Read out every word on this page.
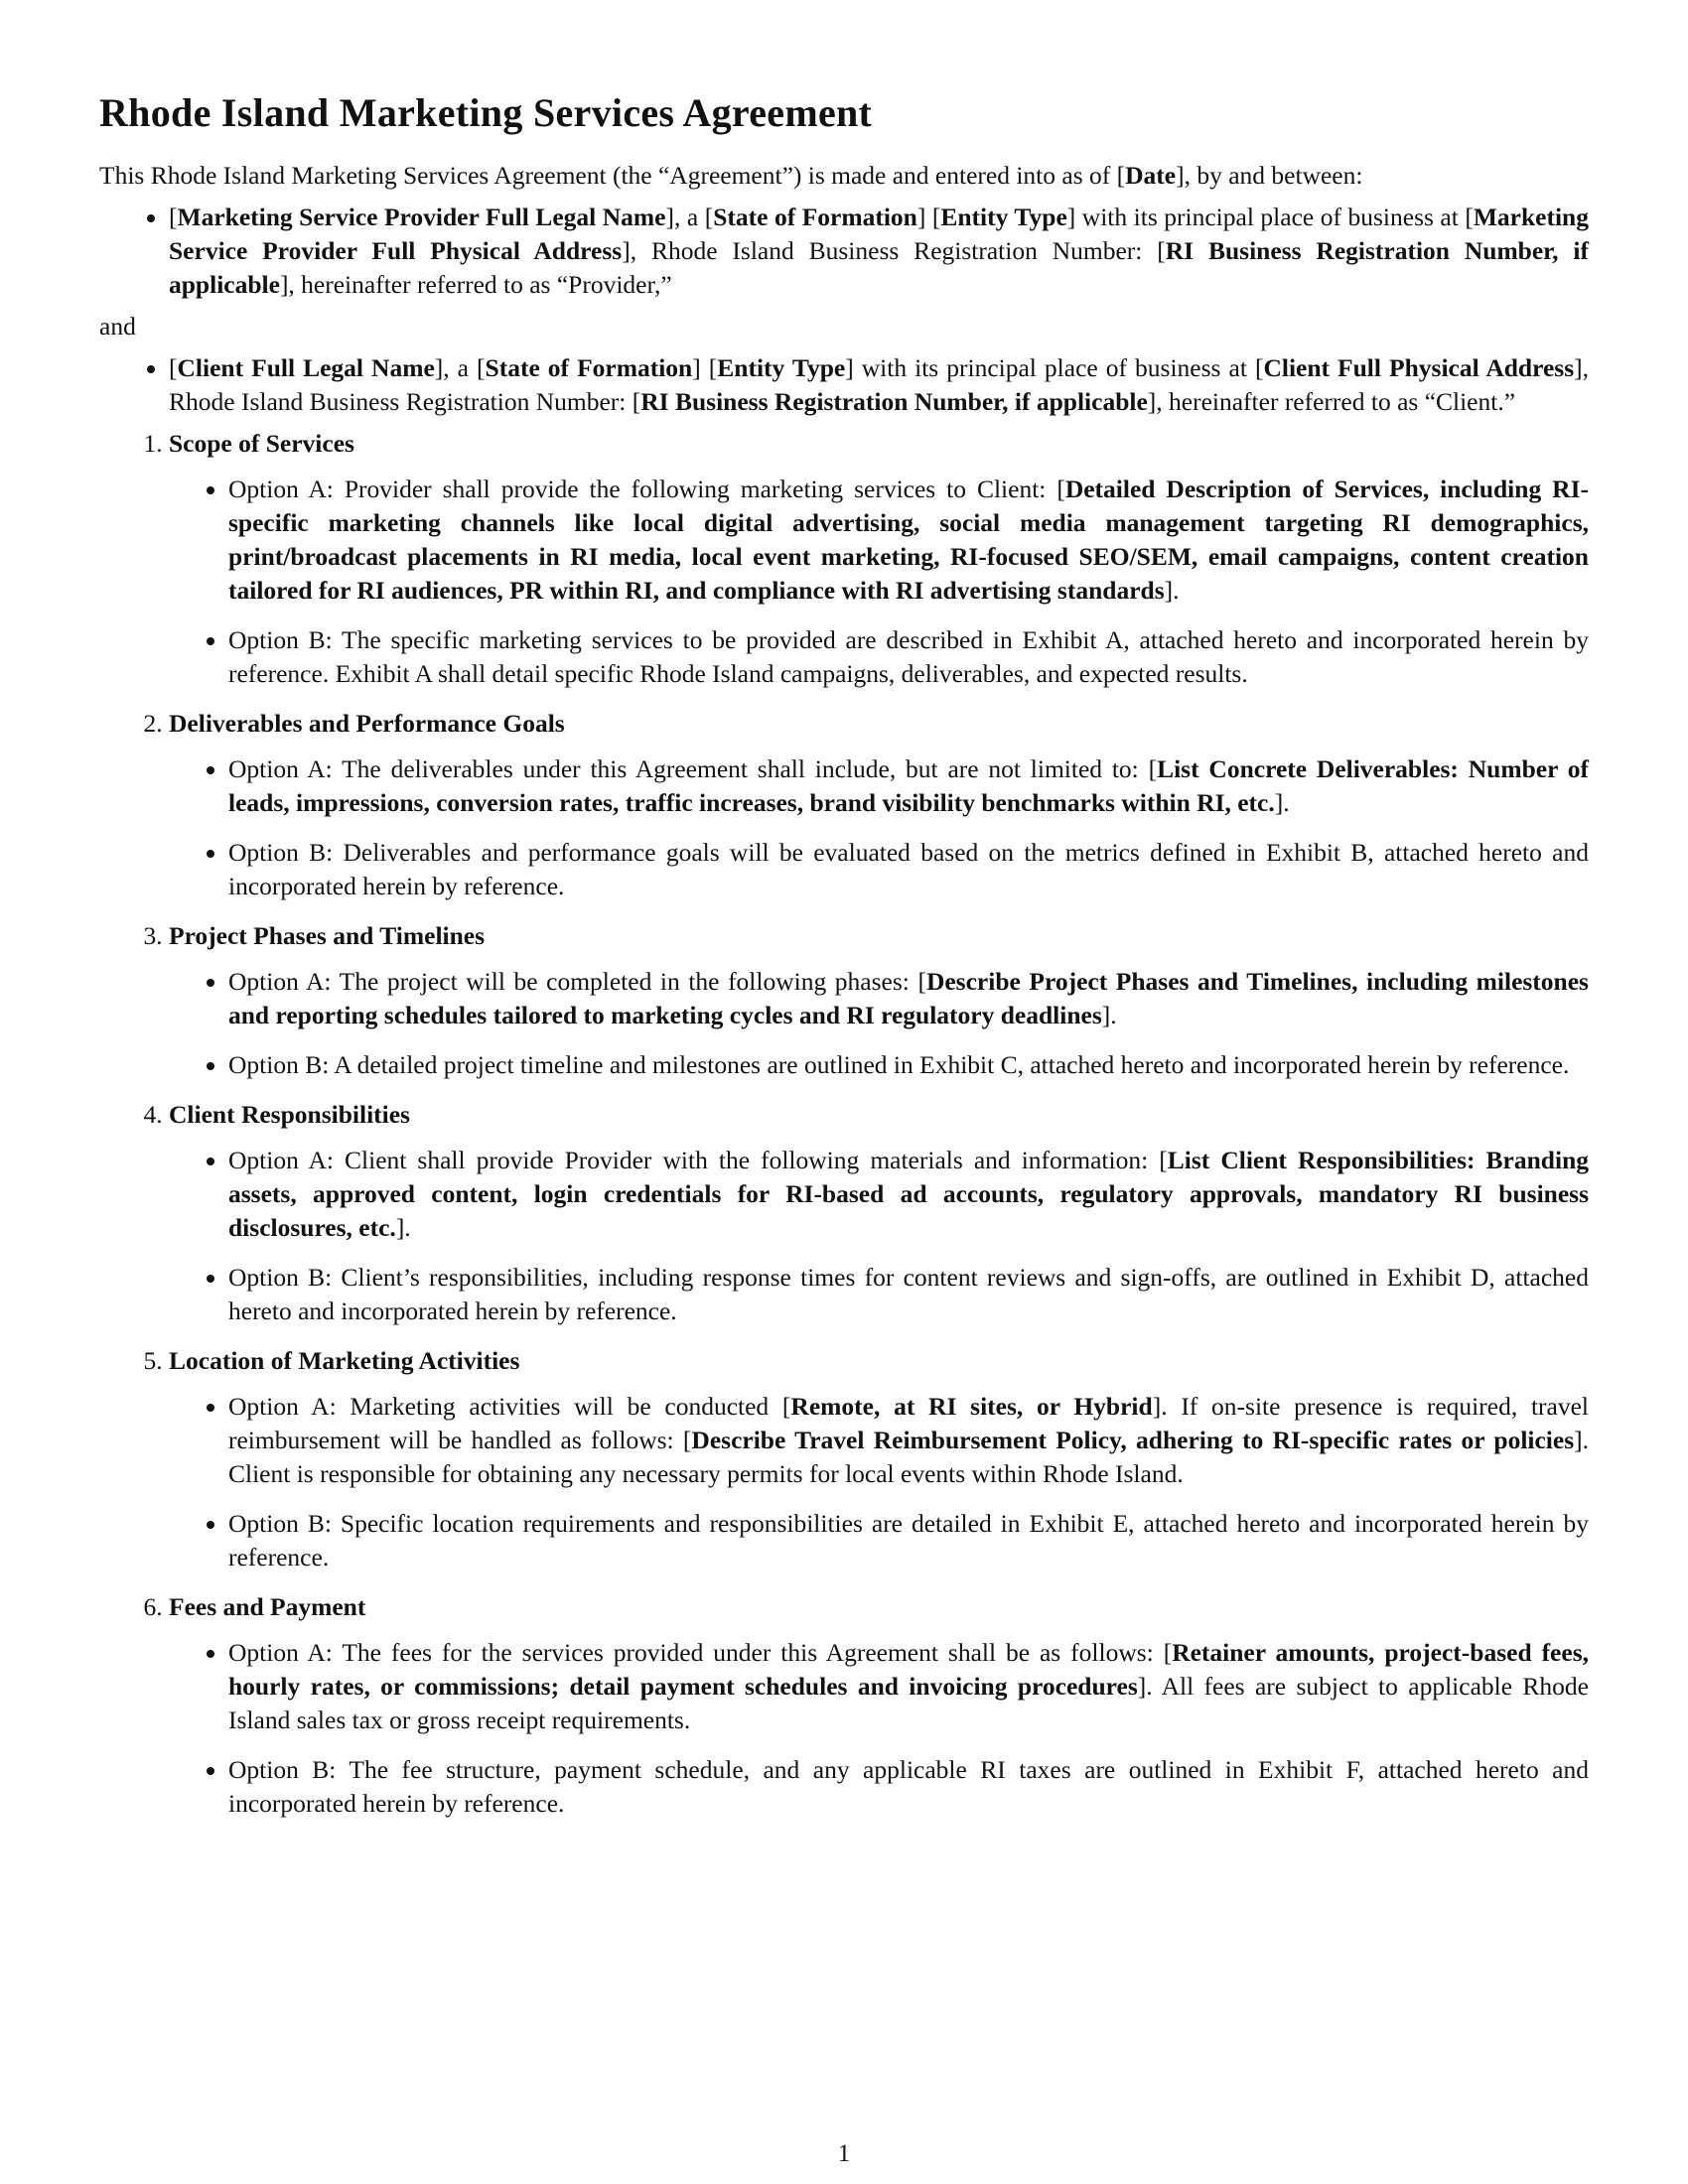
Rhode Island Marketing Services Agreement

This Rhode Island Marketing Services Agreement (the “Agreement”) is made and entered into as of [Date], by and between:

• [Marketing Service Provider Full Legal Name], a [State of Formation] [Entity Type] with its principal place of business at [Marketing Service Provider Full Physical Address], Rhode Island Business Registration Number: [RI Business Registration Number, if applicable], hereinafter referred to as “Provider,”

and

• [Client Full Legal Name], a [State of Formation] [Entity Type] with its principal place of business at [Client Full Physical Address], Rhode Island Business Registration Number: [RI Business Registration Number, if applicable], hereinafter referred to as “Client.”
1. Scope of Services
• Option A: Provider shall provide the following marketing services to Client: [Detailed Description of Services, including RI-specific marketing channels like local digital advertising, social media management targeting RI demographics, print/broadcast placements in RI media, local event marketing, RI-focused SEO/SEM, email campaigns, content creation tailored for RI audiences, PR within RI, and compliance with RI advertising standards].
• Option B: The specific marketing services to be provided are described in Exhibit A, attached hereto and incorporated herein by reference. Exhibit A shall detail specific Rhode Island campaigns, deliverables, and expected results.
2. Deliverables and Performance Goals
• Option A: The deliverables under this Agreement shall include, but are not limited to: [List Concrete Deliverables: Number of leads, impressions, conversion rates, traffic increases, brand visibility benchmarks within RI, etc.].
• Option B: Deliverables and performance goals will be evaluated based on the metrics defined in Exhibit B, attached hereto and incorporated herein by reference.
3. Project Phases and Timelines
• Option A: The project will be completed in the following phases: [Describe Project Phases and Timelines, including milestones and reporting schedules tailored to marketing cycles and RI regulatory deadlines].
• Option B: A detailed project timeline and milestones are outlined in Exhibit C, attached hereto and incorporated herein by reference.
4. Client Responsibilities
• Option A: Client shall provide Provider with the following materials and information: [List Client Responsibilities: Branding assets, approved content, login credentials for RI-based ad accounts, regulatory approvals, mandatory RI business disclosures, etc.].
• Option B: Client’s responsibilities, including response times for content reviews and sign-offs, are outlined in Exhibit D, attached hereto and incorporated herein by reference.
5. Location of Marketing Activities
• Option A: Marketing activities will be conducted [Remote, at RI sites, or Hybrid]. If on-site presence is required, travel reimbursement will be handled as follows: [Describe Travel Reimbursement Policy, adhering to RI-specific rates or policies]. Client is responsible for obtaining any necessary permits for local events within Rhode Island.
• Option B: Specific location requirements and responsibilities are detailed in Exhibit E, attached hereto and incorporated herein by reference.
6. Fees and Payment
• Option A: The fees for the services provided under this Agreement shall be as follows: [Retainer amounts, project-based fees, hourly rates, or commissions; detail payment schedules and invoicing procedures]. All fees are subject to applicable Rhode Island sales tax or gross receipt requirements.
• Option B: The fee structure, payment schedule, and any applicable RI taxes are outlined in Exhibit F, attached hereto and incorporated herein by reference.
1
